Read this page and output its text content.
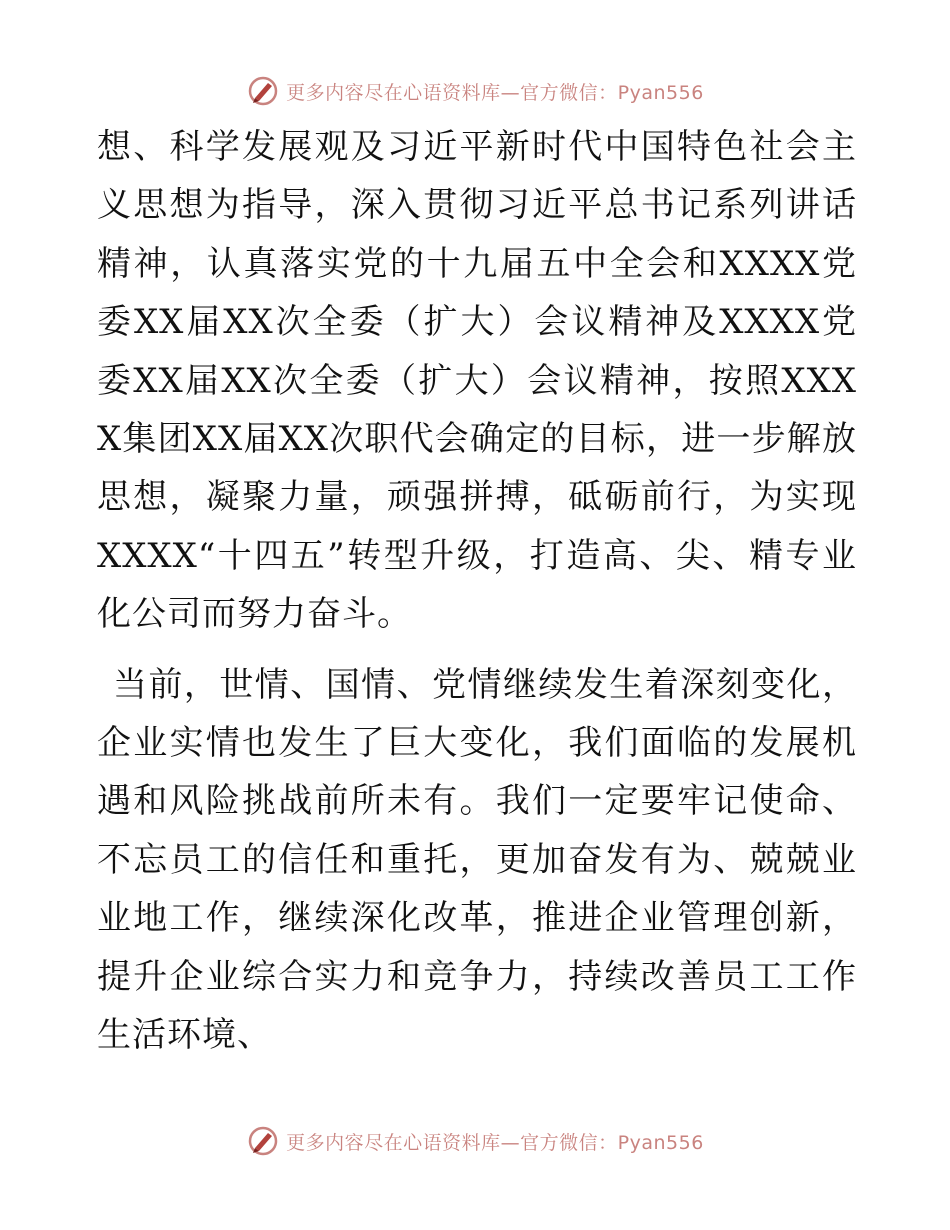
更多内容尽在心语资料库—官方微信：Pyan556

想、科学发展观及习近平新时代中国特色社会主义思想为指导，深入贯彻习近平总书记系列讲话精神，认真落实党的十九届五中全会和XXXX党委XX届XX次全委（扩大）会议精神及XXXX党委XX届XX次全委（扩大）会议精神，按照XXXX集团XX届XX次职代会确定的目标，进一步解放思想，凝聚力量，顽强拼搏，砥砺前行，为实现XXXX“十四五”转型升级，打造高、尖、精专业化公司而努力奋斗。

当前，世情、国情、党情继续发生着深刻变化，企业实情也发生了巨大变化，我们面临的发展机遇和风险挑战前所未有。我们一定要牢记使命、不忘员工的信任和重托，更加奋发有为、兢兢业业地工作，继续深化改革，推进企业管理创新，提升企业综合实力和竞争力，持续改善员工工作生活环境、

更多内容尽在心语资料库—官方微信：Pyan556
